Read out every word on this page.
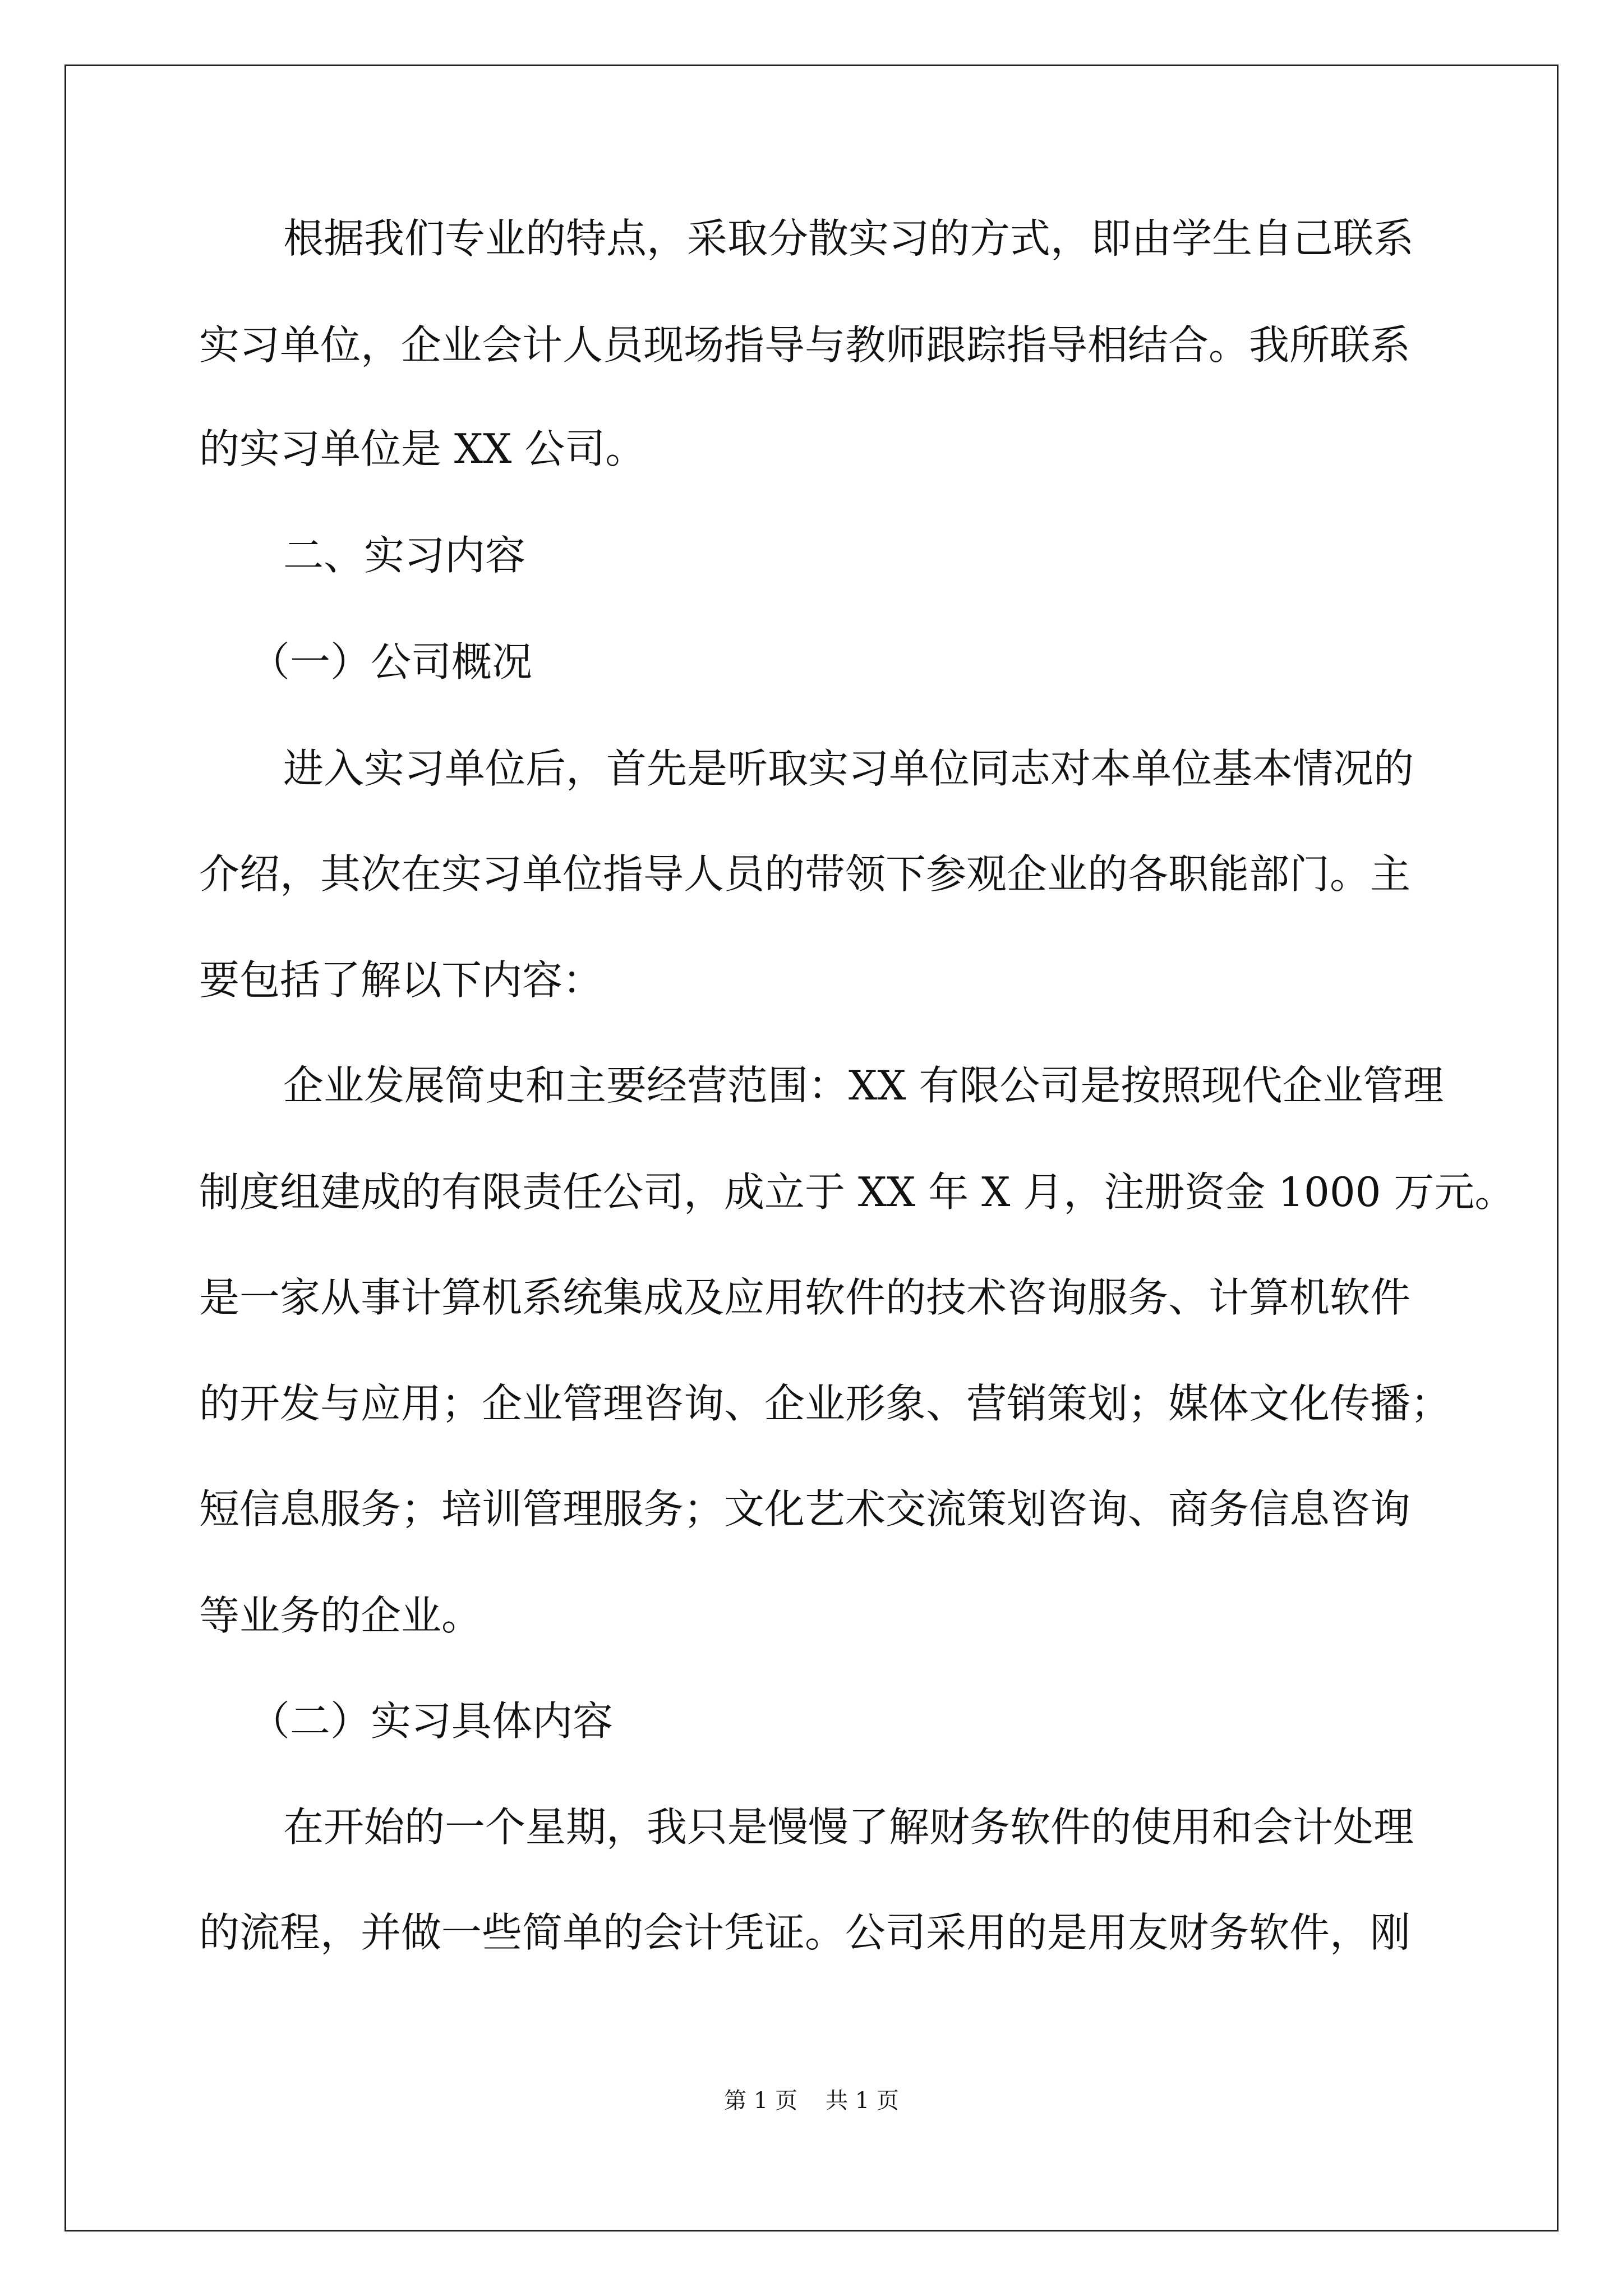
根据我们专业的特点，采取分散实习的方式，即由学生自己联系

实习单位，企业会计人员现场指导与教师跟踪指导相结合。我所联系

的实习单位是 XX 公司。

二、实习内容

（一）公司概况

进入实习单位后，首先是听取实习单位同志对本单位基本情况的

介绍，其次在实习单位指导人员的带领下参观企业的各职能部门。主

要包括了解以下内容：

企业发展简史和主要经营范围：XX 有限公司是按照现代企业管理

制度组建成的有限责任公司，成立于 XX 年 X 月，注册资金 1000 万元。

是一家从事计算机系统集成及应用软件的技术咨询服务、计算机软件

的开发与应用；企业管理咨询、企业形象、营销策划；媒体文化传播；

短信息服务；培训管理服务；文化艺术交流策划咨询、商务信息咨询

等业务的企业。

（二）实习具体内容

在开始的一个星期，我只是慢慢了解财务软件的使用和会计处理

的流程，并做一些简单的会计凭证。公司采用的是用友财务软件，刚

第 1 页 共 1 页
